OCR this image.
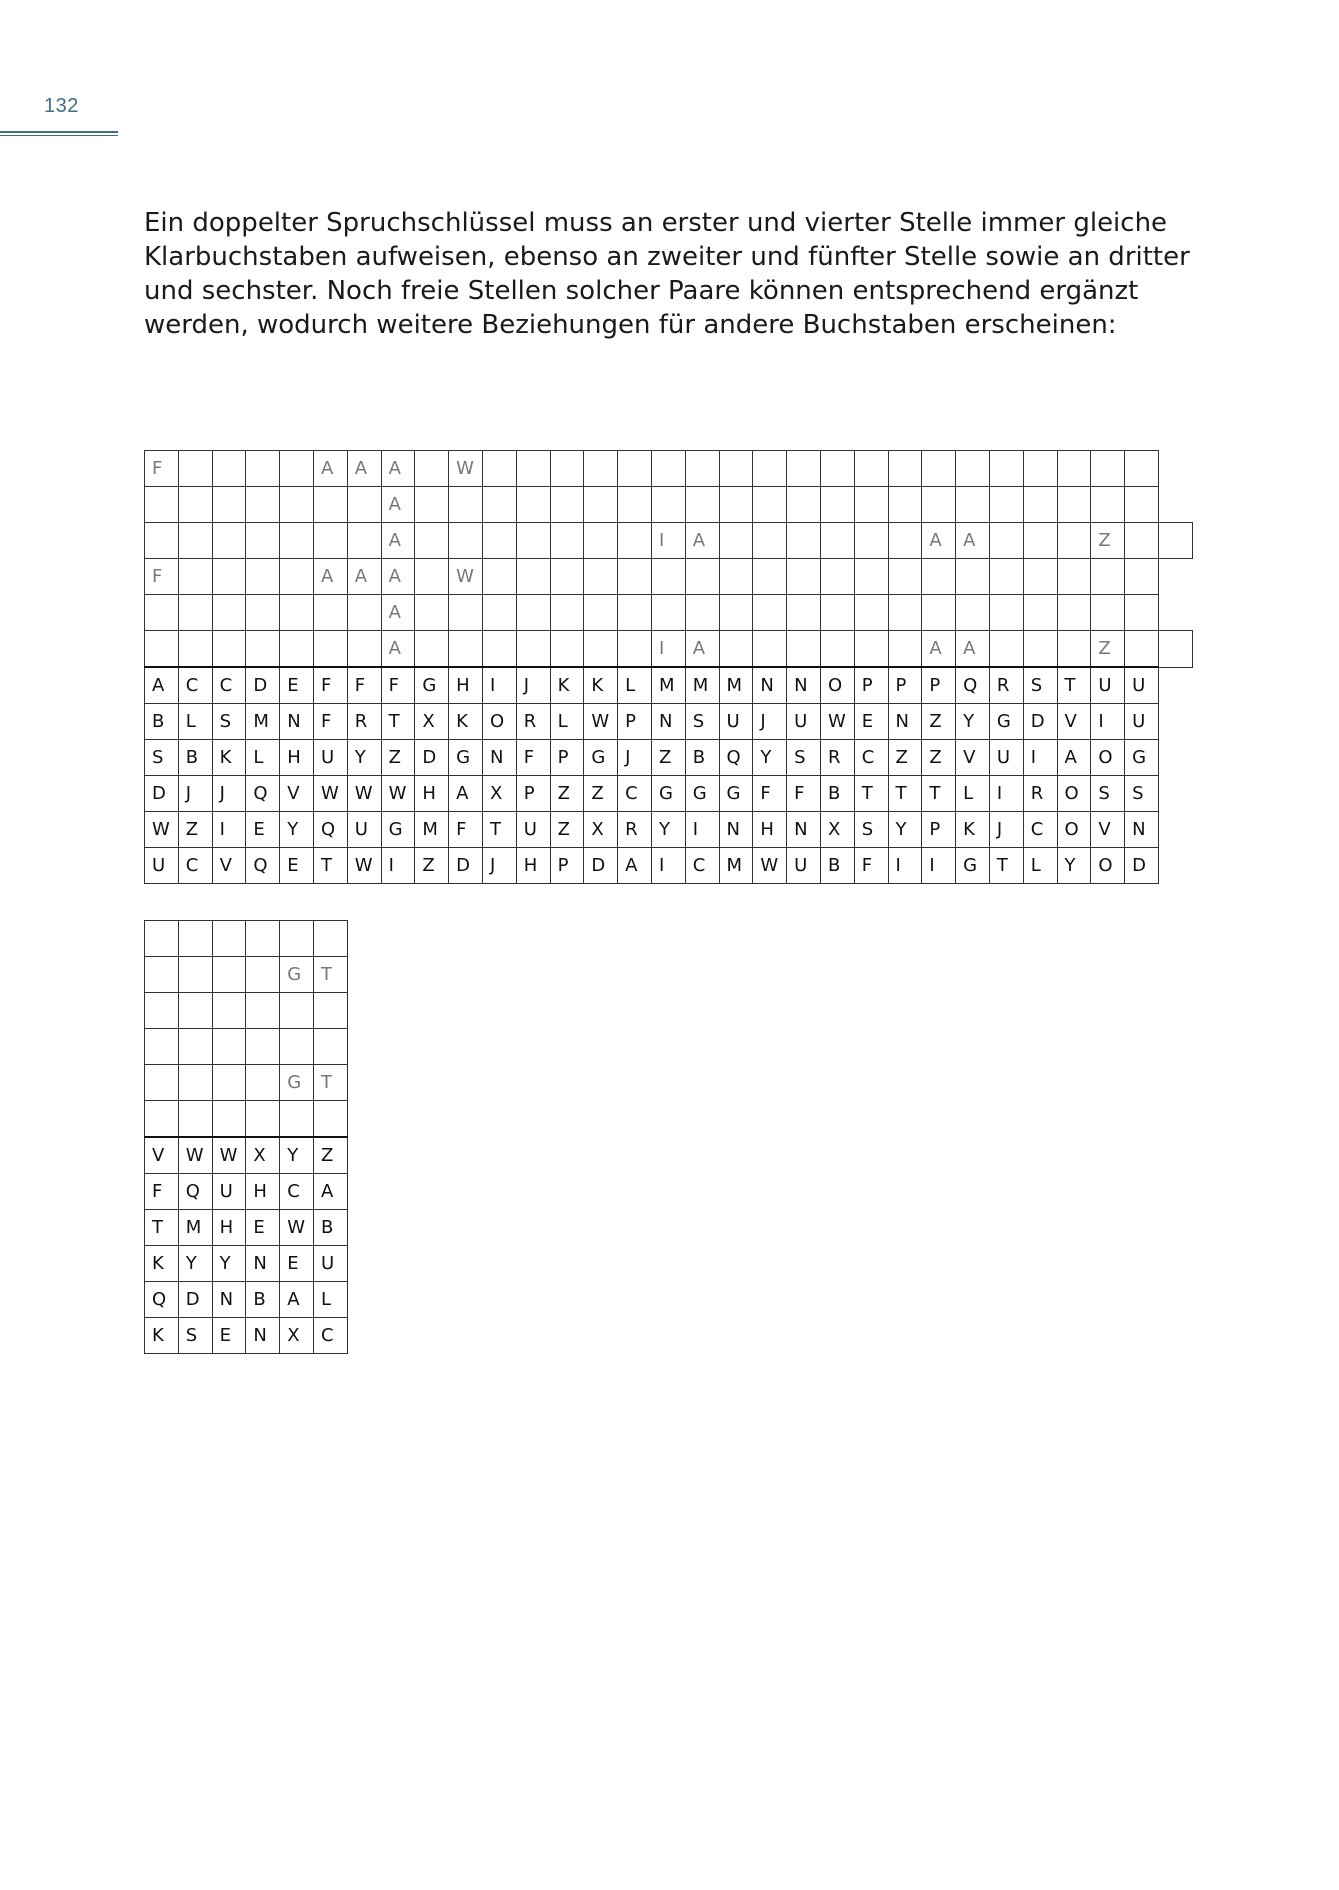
132

Ein doppelter Spruchschlüssel muss an erster und vierter Stelle immer gleiche Klarbuchstaben aufweisen, ebenso an zweiter und fünfter Stelle sowie an dritter und sechster. Noch freie Stellen solcher Paare können entsprechend ergänzt werden, wodurch weitere Beziehungen für andere Buchstaben erscheinen:

F					A	A	A		W																					
							A																							
							A								I	A							A	A				Z		
F					A	A	A		W																					
							A																							
							A								I	A							A	A				Z		
A	C	C	D	E	F	F	F	G	H	I	J	K	K	L	M	M	M	N	N	O	P	P	P	Q	R	S	T	U	U	
B	L	S	M	N	F	R	T	X	K	O	R	L	W	P	N	S	U	J	U	W	E	N	Z	Y	G	D	V	I	U	
S	B	K	L	H	U	Y	Z	D	G	N	F	P	G	J	Z	B	Q	Y	S	R	C	Z	Z	V	U	I	A	O	G	
D	J	J	Q	V	W	W	W	H	A	X	P	Z	Z	C	G	G	G	F	F	B	T	T	T	L	I	R	O	S	S	
W	Z	I	E	Y	Q	U	G	M	F	T	U	Z	X	R	Y	I	N	H	N	X	S	Y	P	K	J	C	O	V	N	
U	C	V	Q	E	T	W	I	Z	D	J	H	P	D	A	I	C	M	W	U	B	F	I	I	G	T	L	Y	O	D	

				G	T

				G	T

V	W	W	X	Y	Z
F	Q	U	H	C	A
T	M	H	E	W	B
K	Y	Y	N	E	U
Q	D	N	B	A	L
K	S	E	N	X	C
